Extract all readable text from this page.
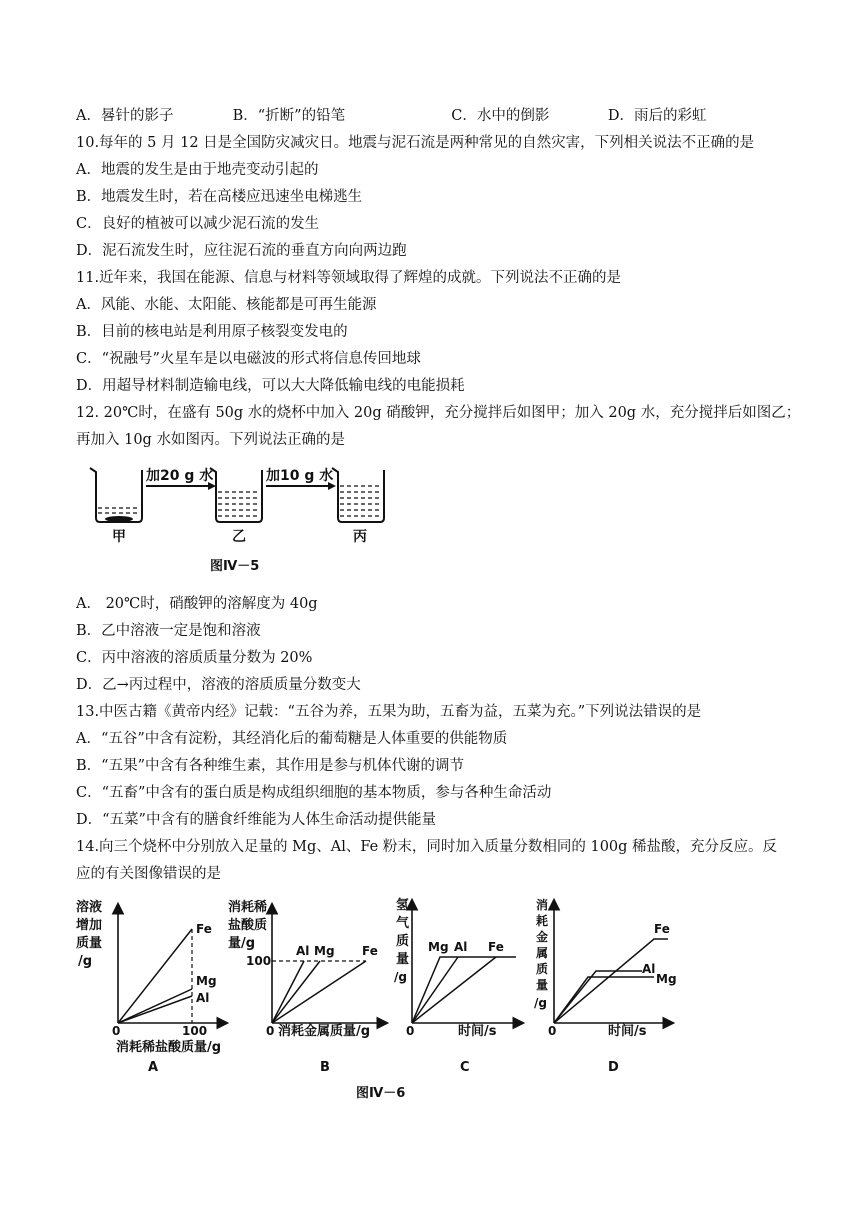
A．晷针的影子	B．“折断”的铅笔	C．水中的倒影	D．雨后的彩虹
10.每年的 5 月 12 日是全国防灾减灾日。地震与泥石流是两种常见的自然灾害，下列相关说法不正确的是
A．地震的发生是由于地壳变动引起的
B．地震发生时，若在高楼应迅速坐电梯逃生
C．良好的植被可以减少泥石流的发生
D．泥石流发生时，应往泥石流的垂直方向向两边跑
11.近年来，我国在能源、信息与材料等领域取得了辉煌的成就。下列说法不正确的是
A．风能、水能、太阳能、核能都是可再生能源
B．目前的核电站是利用原子核裂变发电的
C．“祝融号”火星车是以电磁波的形式将信息传回地球
D．用超导材料制造输电线，可以大大降低输电线的电能损耗
12. 20℃时，在盛有 50g 水的烧杯中加入 20g 硝酸钾，充分搅拌后如图甲；加入 20g 水，充分搅拌后如图乙；
再加入 10g 水如图丙。下列说法正确的是
加20 g 水	加10 g 水
甲	乙	丙
图Ⅳ－5
A． 20℃时，硝酸钾的溶解度为 40g
B．乙中溶液一定是饱和溶液
C．丙中溶液的溶质质量分数为 20%
D．乙→丙过程中，溶液的溶质质量分数变大
13.中医古籍《黄帝内经》记载：“五谷为养，五果为助，五畜为益，五菜为充。”下列说法错误的是
A．“五谷”中含有淀粉，其经消化后的葡萄糖是人体重要的供能物质
B．“五果”中含有各种维生素，其作用是参与机体代谢的调节
C．“五畜”中含有的蛋白质是构成组织细胞的基本物质，参与各种生命活动
D．“五菜”中含有的膳食纤维能为人体生命活动提供能量
14.向三个烧杯中分别放入足量的 Mg、Al、Fe 粉末，同时加入质量分数相同的 100g 稀盐酸，充分反应。反
应的有关图像错误的是
溶液
增加
质量
/g
Fe
Mg
Al
0	100
消耗稀盐酸质量/g
A
消耗稀
盐酸质
量/g
100
Al Mg Fe
0 消耗金属质量/g
B
氢
气
质
量
/g
Mg Al Fe
0	时间/s
C
消
耗
金
属
质
量
/g
Fe
Al
Mg
0	时间/s
D
图Ⅳ－6
